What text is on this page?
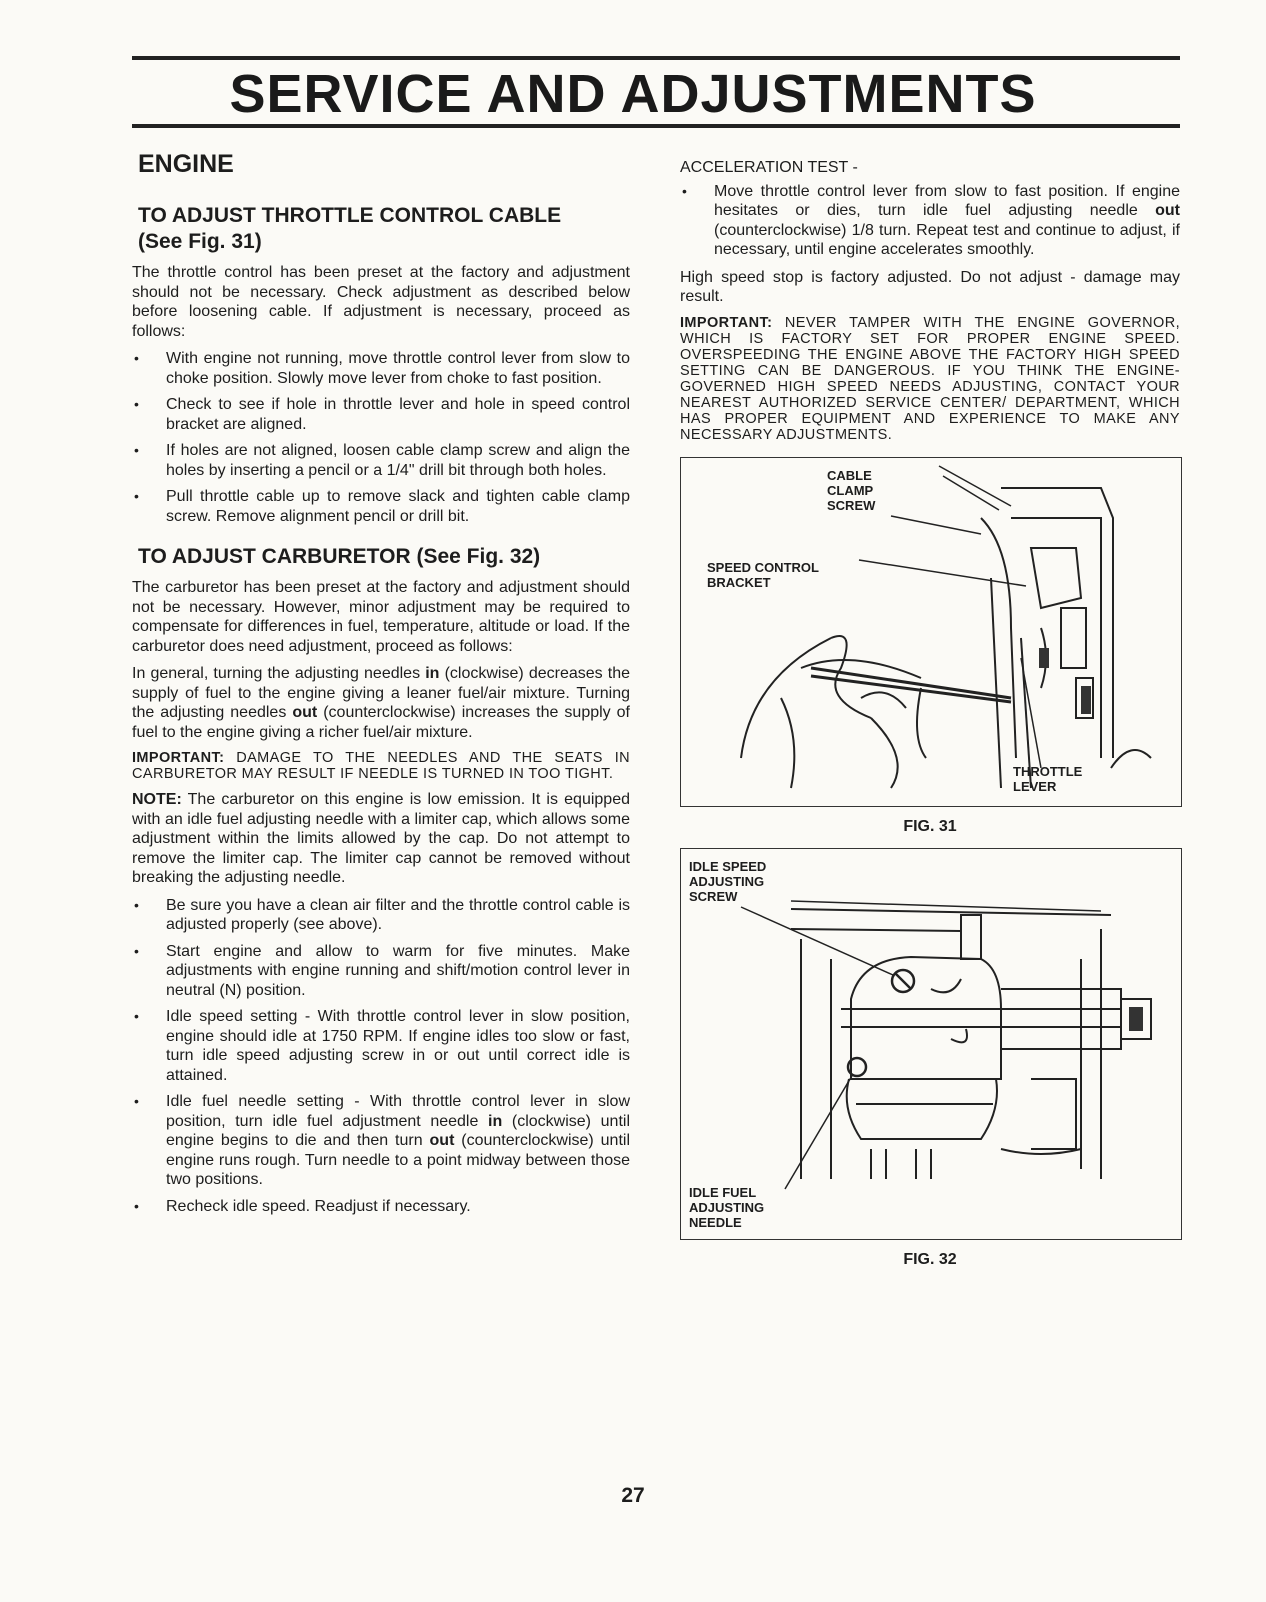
SERVICE AND ADJUSTMENTS
ENGINE
TO ADJUST THROTTLE CONTROL CABLE
(See Fig. 31)

The throttle control has been preset at the factory and adjustment should not be necessary. Check adjustment as described below before loosening cable. If adjustment is necessary, proceed as follows:

• With engine not running, move throttle control lever from slow to choke position. Slowly move lever from choke to fast position.
• Check to see if hole in throttle lever and hole in speed control bracket are aligned.
• If holes are not aligned, loosen cable clamp screw and align the holes by inserting a pencil or a 1/4" drill bit through both holes.
• Pull throttle cable up to remove slack and tighten cable clamp screw. Remove alignment pencil or drill bit.
TO ADJUST CARBURETOR (See Fig. 32)

The carburetor has been preset at the factory and adjustment should not be necessary. However, minor adjustment may be required to compensate for differences in fuel, temperature, altitude or load. If the carburetor does need adjustment, proceed as follows:

In general, turning the adjusting needles in (clockwise) decreases the supply of fuel to the engine giving a leaner fuel/air mixture. Turning the adjusting needles out (counterclockwise) increases the supply of fuel to the engine giving a richer fuel/air mixture.

IMPORTANT: DAMAGE TO THE NEEDLES AND THE SEATS IN CARBURETOR MAY RESULT IF NEEDLE IS TURNED IN TOO TIGHT.

NOTE: The carburetor on this engine is low emission. It is equipped with an idle fuel adjusting needle with a limiter cap, which allows some adjustment within the limits allowed by the cap. Do not attempt to remove the limiter cap. The limiter cap cannot be removed without breaking the adjusting needle.

• Be sure you have a clean air filter and the throttle control cable is adjusted properly (see above).
• Start engine and allow to warm for five minutes. Make adjustments with engine running and shift/motion control lever in neutral (N) position.
• Idle speed setting - With throttle control lever in slow position, engine should idle at 1750 RPM. If engine idles too slow or fast, turn idle speed adjusting screw in or out until correct idle is attained.
• Idle fuel needle setting - With throttle control lever in slow position, turn idle fuel adjustment needle in (clockwise) until engine begins to die and then turn out (counterclockwise) until engine runs rough. Turn needle to a point midway between those two positions.
• Recheck idle speed. Readjust if necessary.

ACCELERATION TEST -

• Move throttle control lever from slow to fast position. If engine hesitates or dies, turn idle fuel adjusting needle out (counterclockwise) 1/8 turn. Repeat test and continue to adjust, if necessary, until engine accelerates smoothly.

High speed stop is factory adjusted. Do not adjust - damage may result.

IMPORTANT: NEVER TAMPER WITH THE ENGINE GOVERNOR, WHICH IS FACTORY SET FOR PROPER ENGINE SPEED. OVERSPEEDING THE ENGINE ABOVE THE FACTORY HIGH SPEED SETTING CAN BE DANGEROUS. IF YOU THINK THE ENGINE-GOVERNED HIGH SPEED NEEDS ADJUSTING, CONTACT YOUR NEAREST AUTHORIZED SERVICE CENTER/ DEPARTMENT, WHICH HAS PROPER EQUIPMENT AND EXPERIENCE TO MAKE ANY NECESSARY ADJUSTMENTS.

CABLE
CLAMP
SCREW
SPEED CONTROL
BRACKET
THROTTLE
LEVER

FIG. 31

IDLE SPEED
ADJUSTING
SCREW
IDLE FUEL
ADJUSTING
NEEDLE

FIG. 32

27
